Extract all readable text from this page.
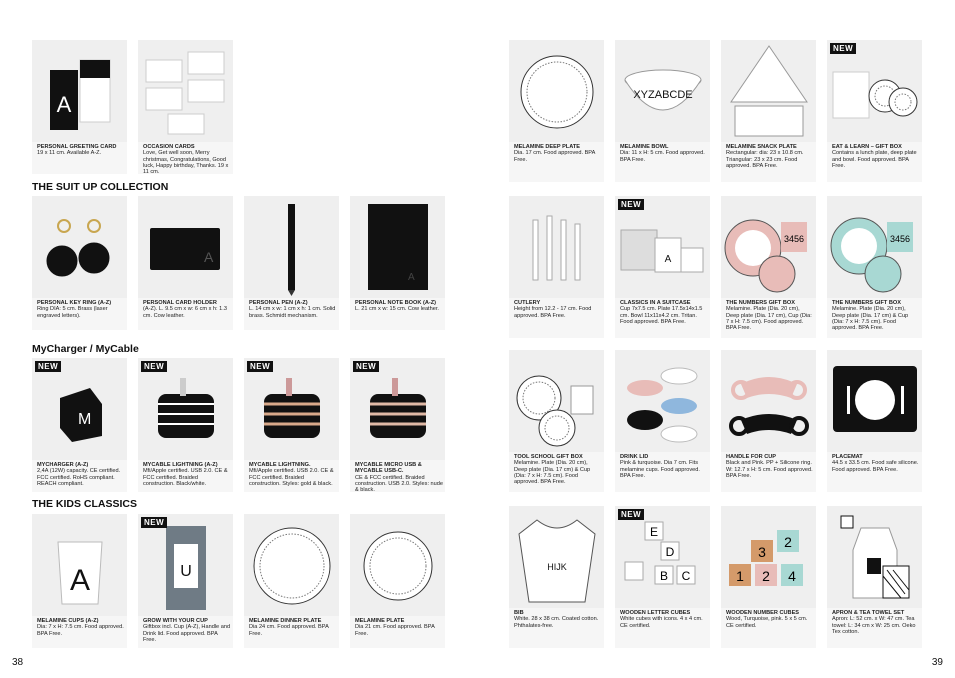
THE SUIT UP COLLECTION
MyCharger / MyCable
THE KIDS CLASSICS
38
A
PERSONAL GREETING CARD
19 x 11 cm. Available A-Z.
OCCASION CARDS
Love, Get well soon, Merry christmas, Congratulations, Good luck, Happy birthday, Thanks. 19 x 11 cm.
PERSONAL KEY RING (A-Z)
Ring DIA: 5 cm. Brass (laser engraved letters).
A
PERSONAL CARD HOLDER
(A-Z). L. 9.5 cm x w: 6 cm x h: 1.3 cm. Cow leather.
PERSONAL PEN (A-Z)
L. 14 cm x w: 1 cm x h: 1 cm. Solid brass. Schmidt mechanism.
A
PERSONAL NOTE BOOK (A-Z)
L. 21 cm x w: 15 cm. Cow leather.
M
NEW
MYCHARGER (A-Z)
2,4A (12W) capacity. CE certified. FCC certified. RoHS compliant. REACH compliant.
NEW
MYCABLE LIGHTNING (A-Z)
Mfi/Apple certified. USB 2.0. CE & FCC certified. Braided construction. Black/white.
NEW
MYCABLE LIGHTNING.
Mfi/Apple certified. USB 2.0. CE & FCC certified. Braided construction. Styles: gold & black.
NEW
MYCABLE MICRO USB & MYCABLE USB-C.
CE & FCC certified. Braided construction. USB 2.0. Styles: nude & black.
A
MELAMINE CUPS (A-Z)
Dia: 7 x H: 7.5 cm. Food approved. BPA Free.
U
NEW
GROW WITH YOUR CUP
Giftbox incl. Cup (A-Z), Handle and Drink lid. Food approved. BPA Free.
MELAMINE DINNER PLATE
Dia 24 cm. Food approved. BPA Free.
MELAMINE PLATE
Dia 21 cm. Food approved. BPA Free.
39
MELAMINE DEEP PLATE
Dia. 17 cm. Food approved. BPA Free.
XYZABCDE
MELAMINE BOWL
Dia: 11 x H: 5 cm. Food approved. BPA Free.
MELAMINE SNACK PLATE
Rectangular: dia: 23 x 10.8 cm. Triangular: 23 x 23 cm. Food approved. BPA Free.
NEW
EAT & LEARN – GIFT BOX
Contains a lunch plate, deep plate and bowl. Food approved. BPA Free.
CUTLERY
Height from 12.2 - 17 cm. Food approved. BPA Free.
A
NEW
CLASSICS IN A SUITCASE
Cup 7x7.5 cm. Plate 17.5x14x1.5 cm. Bowl 11x11x4.2 cm. Tritan. Food approved. BPA Free.
3456
THE NUMBERS GIFT BOX
Melamine. Plate (Dia. 20 cm), Deep plate (Dia. 17 cm), Cup (Dia: 7 x H: 7.5 cm). Food approved. BPA Free.
3456
THE NUMBERS GIFT BOX
Melamine. Plate (Dia. 20 cm), Deep plate (Dia. 17 cm) & Cup (Dia: 7 x H: 7.5 cm). Food approved. BPA Free.
TOOL SCHOOL GIFT BOX
Melamine. Plate (Dia. 20 cm), Deep plate (Dia. 17 cm) & Cup (Dia: 7 x H: 7.5 cm). Food approved. BPA Free.
DRINK LID
Pink & turquoise. Dia 7 cm. Fits melamine cups. Food approved. BPA Free.
HANDLE FOR CUP
Black and Pink. PP + Silicone ring. W: 12.7 x H: 5 cm. Food approved. BPA Free.
PLACEMAT
44.5 x 33.5 cm. Food safe silicone. Food approved. BPA Free.
HIJK
BIB
White. 28 x 38 cm. Coated cotton. Phthalates-free.
E
D
B C
NEW
WOODEN LETTER CUBES
White cubes with icons. 4 x 4 cm. CE certified.
3
2
1 2 4
WOODEN NUMBER CUBES
Wood, Turquoise, pink. 5 x 5 cm. CE certified.
APRON & TEA TOWEL SET
Apron: L: 52 cm. x W: 47 cm. Tea towel: L: 34 cm x W: 25 cm. Oeko Tex cotton.
